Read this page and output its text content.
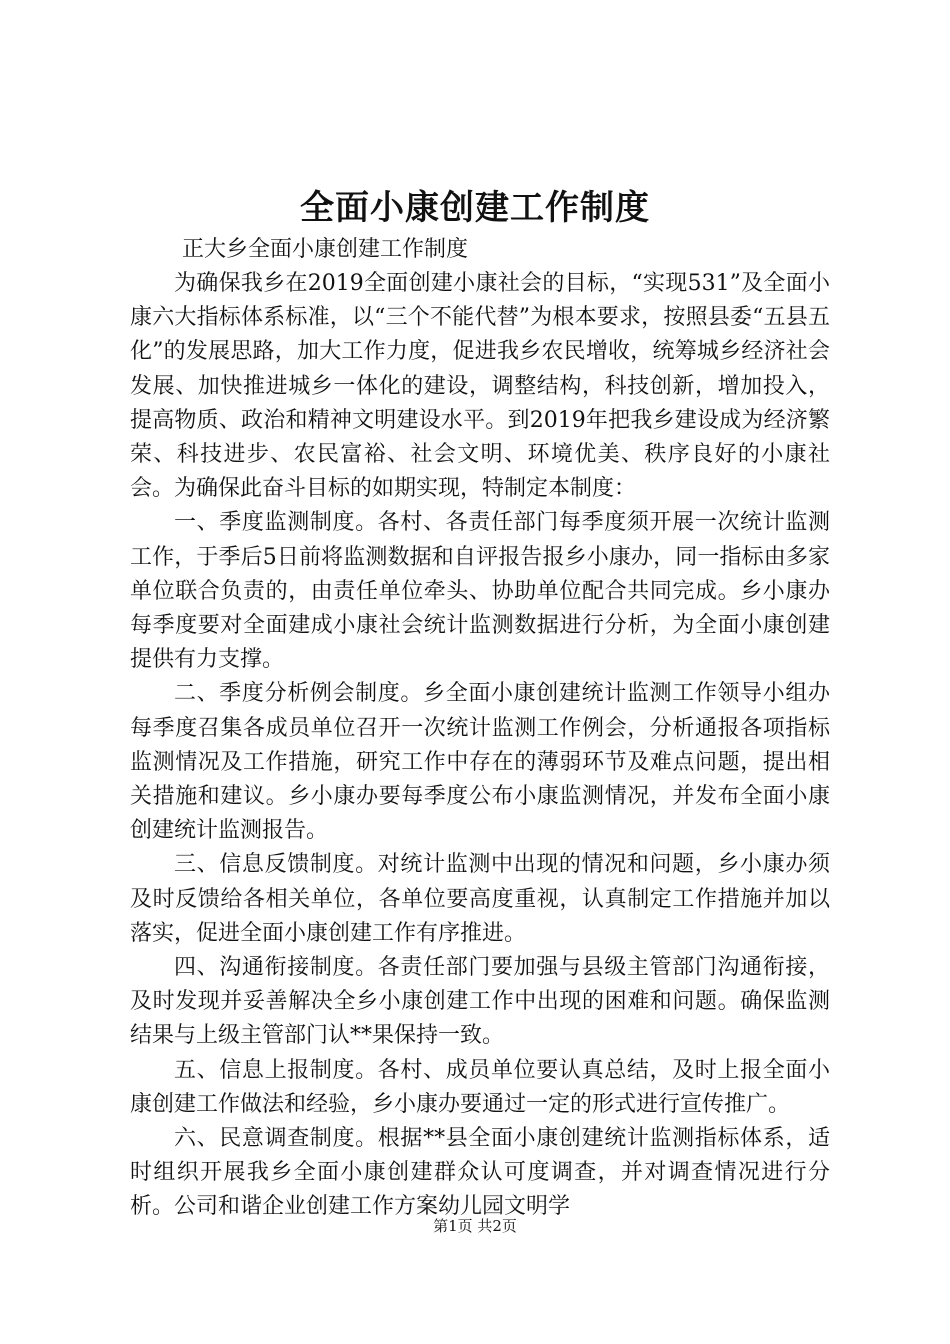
全面小康创建工作制度

正大乡全面小康创建工作制度

为确保我乡在2019全面创建小康社会的目标，“实现531”及全面小康六大指标体系标准，以“三个不能代替”为根本要求，按照县委“五县五化”的发展思路，加大工作力度，促进我乡农民增收，统筹城乡经济社会发展、加快推进城乡一体化的建设，调整结构，科技创新，增加投入，提高物质、政治和精神文明建设水平。到2019年把我乡建设成为经济繁荣、科技进步、农民富裕、社会文明、环境优美、秩序良好的小康社会。为确保此奋斗目标的如期实现，特制定本制度：

一、季度监测制度。各村、各责任部门每季度须开展一次统计监测工作，于季后5日前将监测数据和自评报告报乡小康办，同一指标由多家单位联合负责的，由责任单位牵头、协助单位配合共同完成。乡小康办每季度要对全面建成小康社会统计监测数据进行分析，为全面小康创建提供有力支撑。

二、季度分析例会制度。乡全面小康创建统计监测工作领导小组办每季度召集各成员单位召开一次统计监测工作例会，分析通报各项指标监测情况及工作措施，研究工作中存在的薄弱环节及难点问题，提出相关措施和建议。乡小康办要每季度公布小康监测情况，并发布全面小康创建统计监测报告。

三、信息反馈制度。对统计监测中出现的情况和问题，乡小康办须及时反馈给各相关单位，各单位要高度重视，认真制定工作措施并加以落实，促进全面小康创建工作有序推进。

四、沟通衔接制度。各责任部门要加强与县级主管部门沟通衔接，及时发现并妥善解决全乡小康创建工作中出现的困难和问题。确保监测结果与上级主管部门认**果保持一致。

五、信息上报制度。各村、成员单位要认真总结，及时上报全面小康创建工作做法和经验，乡小康办要通过一定的形式进行宣传推广。

六、民意调查制度。根据**县全面小康创建统计监测指标体系，适时组织开展我乡全面小康创建群众认可度调查，并对调查情况进行分析。公司和谐企业创建工作方案幼儿园文明学

第1页 共2页
